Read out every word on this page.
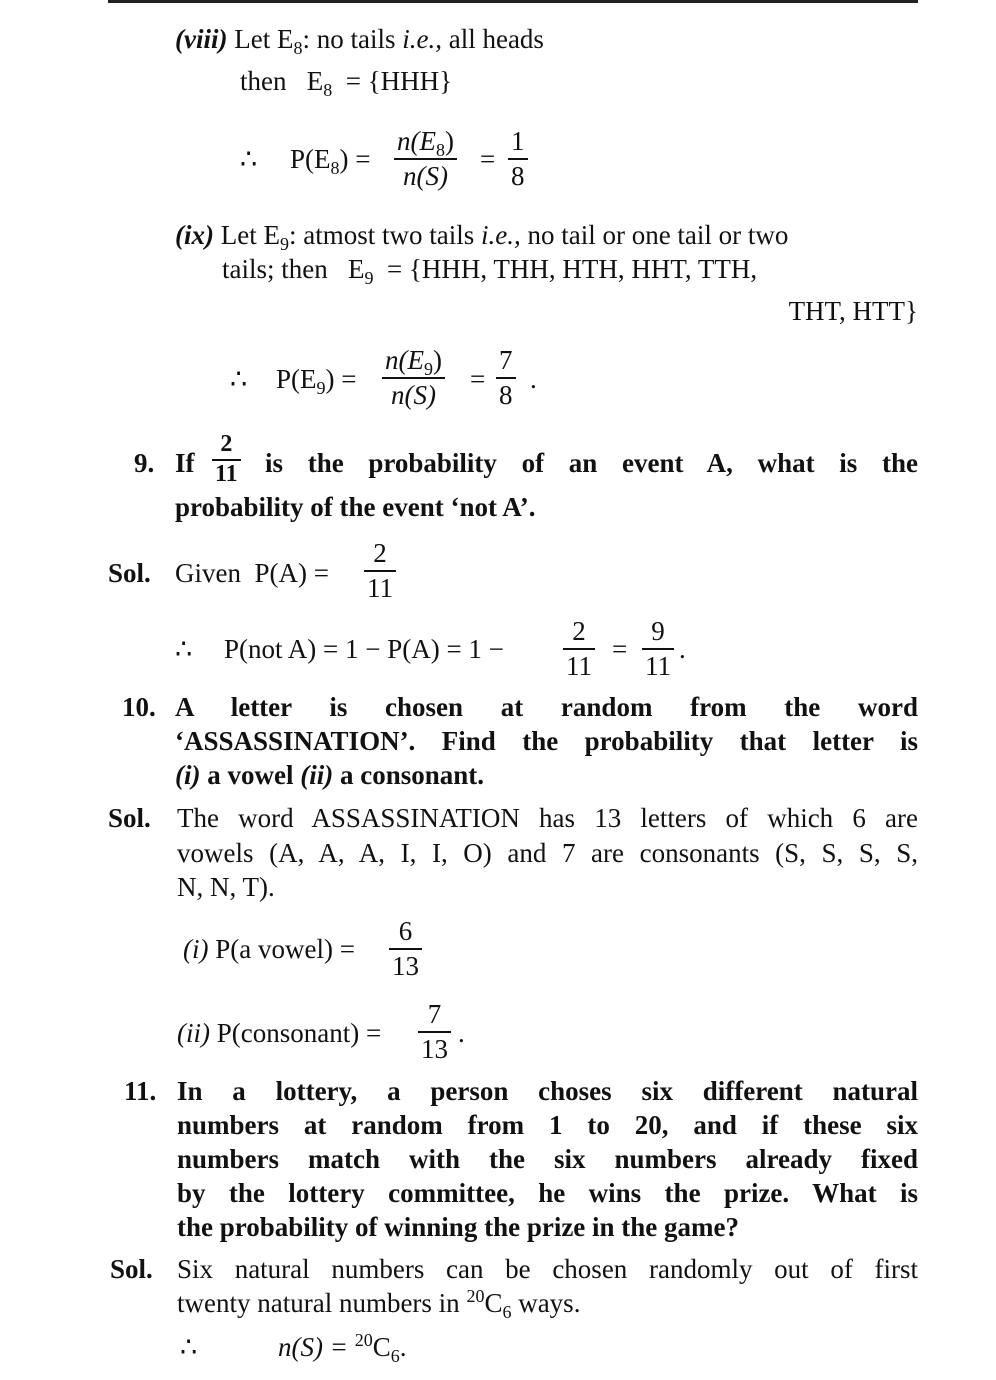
(viii) Let $E_8$: no tails i.e., all heads
then $E_8 = \{HHH\}$
∴ $P(E_8) = \frac{n(E_8)}{n(S)} = \frac{1}{8}$
(ix) Let $E_9$: atmost two tails i.e., no tail or one tail or two
tails; then $E_9 = \{HHH$, THH, HTH, HHT, TTH,
THT, HTT}
∴ $P(E_9) = \frac{n(E_9)}{n(S)} = \frac{7}{8}$ .
9. If $\frac{2}{11}$ is the probability of an event A, what is the
probability of the event ‘not A’.
Sol. Given  $P(A) = \frac{2}{11}$
∴ P(not $A) = 1 - P(A) = 1 - \frac{2}{11} = \frac{9}{11}$ .
10. A letter is chosen at random from the word
‘ASSASSINATION’. Find the probability that letter is
(i) a vowel (ii) a consonant.
Sol. The word ASSASSINATION has 13 letters of which 6 are
vowels (A, A, A, I, I, O) and 7 are consonants (S, S, S, S,
N, N, T).
(i) P(a vowel) = $\frac{6}{13}$
(ii) P(consonant) = $\frac{7}{13}$ .
11. In a lottery, a person choses six different natural
numbers at random from 1 to 20, and if these six
numbers match with the six numbers already fixed
by the lottery committee, he wins the prize. What is
the probability of winning the prize in the game?
Sol. Six natural numbers can be chosen randomly out of first
twenty natural numbers in $^{20}C_6$ ways.
∴	$n(S) = ^{20}C_6$.
